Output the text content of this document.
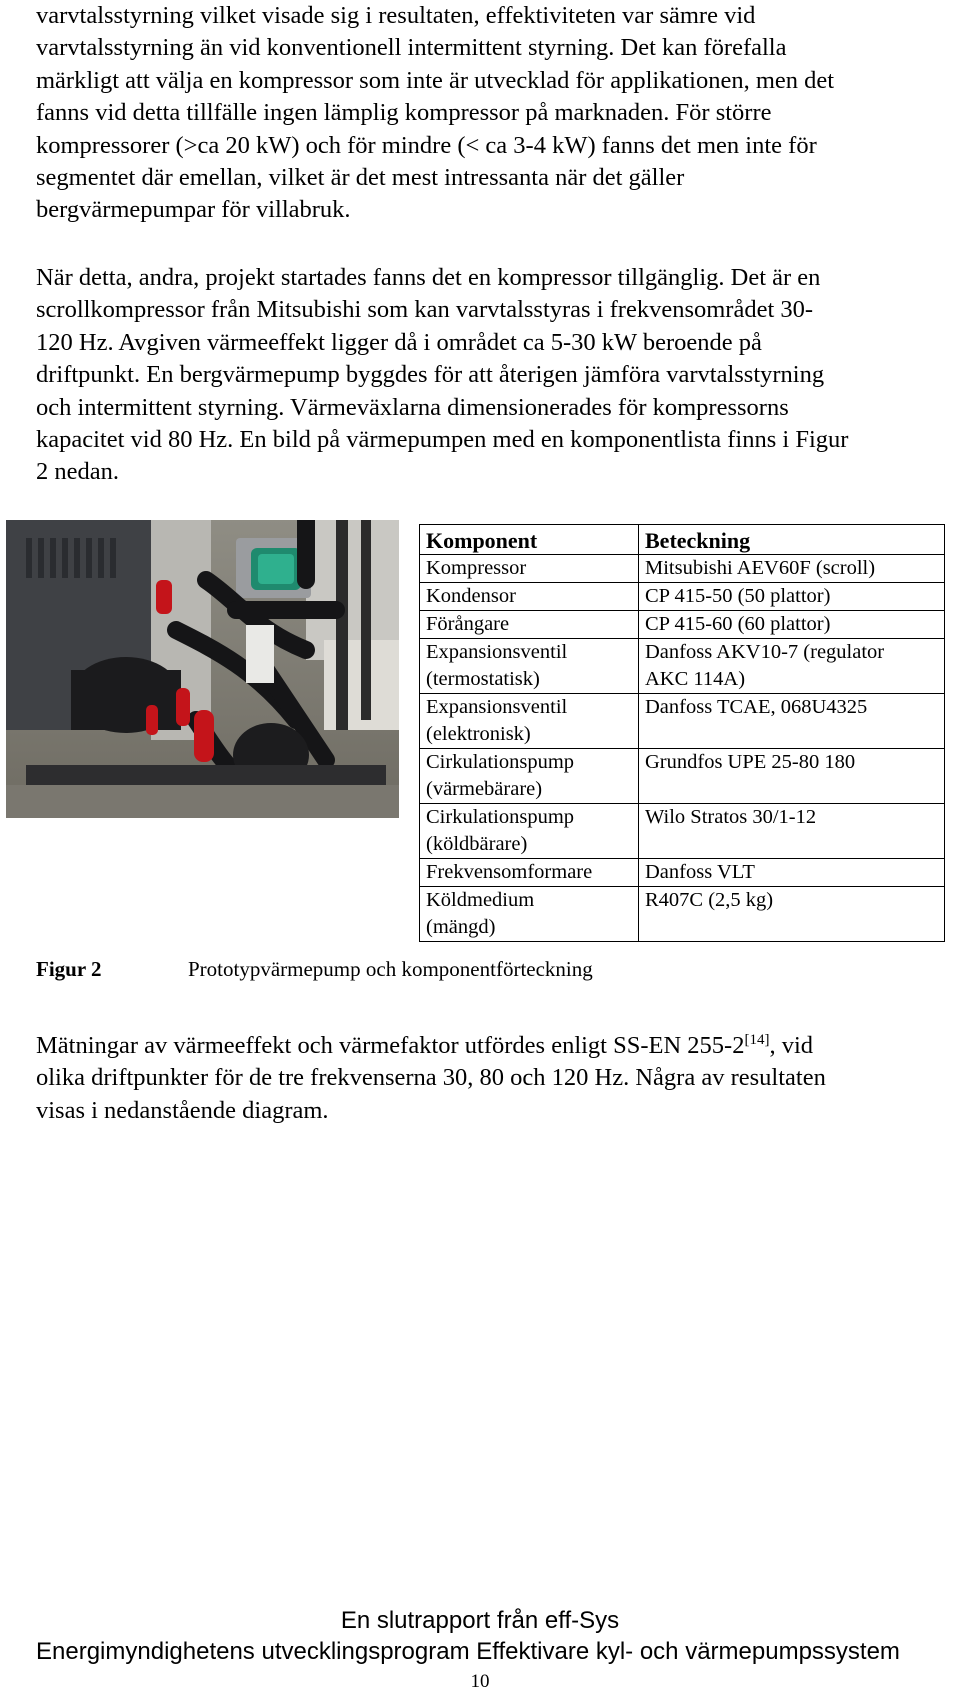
varvtalsstyrning vilket visade sig i resultaten, effektiviteten var sämre vid
varvtalsstyrning än vid konventionell intermittent styrning. Det kan förefalla
märkligt att välja en kompressor som inte är utvecklad för applikationen, men det
fanns vid detta tillfälle ingen lämplig kompressor på marknaden. För större
kompressorer (>ca 20 kW) och för mindre (< ca 3-4 kW) fanns det men inte för
segmentet där emellan, vilket är det mest intressanta när det gäller
bergvärmepumpar för villabruk.
När detta, andra, projekt startades fanns det en kompressor tillgänglig. Det är en
scrollkompressor från Mitsubishi som kan varvtalsstyras i frekvensområdet 30-
120 Hz. Avgiven värmeeffekt ligger då i området ca 5-30 kW beroende på
driftpunkt. En bergvärmepump byggdes för att återigen jämföra varvtalsstyrning
och intermittent styrning. Värmeväxlarna dimensionerades för kompressorns
kapacitet vid 80 Hz. En bild på värmepumpen med en komponentlista finns i Figur
2 nedan.
Komponent	Beteckning
Kompressor	Mitsubishi AEV60F (scroll)
Kondensor	CP 415-50 (50 plattor)
Förångare	CP 415-60 (60 plattor)
Expansionsventil
(termostatisk)	Danfoss AKV10-7 (regulator
AKC 114A)
Expansionsventil
(elektronisk)	Danfoss TCAE, 068U4325
Cirkulationspump
(värmebärare)	Grundfos UPE 25-80 180
Cirkulationspump
(köldbärare)	Wilo Stratos 30/1-12
Frekvensomformare	Danfoss VLT
Köldmedium
(mängd)	R407C (2,5 kg)
Figur 2	Prototypvärmepump och komponentförteckning
Mätningar av värmeeffekt och värmefaktor utfördes enligt SS-EN 255-2[14], vid
olika driftpunkter för de tre frekvenserna 30, 80 och 120 Hz. Några av resultaten
visas i nedanstående diagram.
En slutrapport från eff-Sys
Energimyndighetens utvecklingsprogram Effektivare kyl- och värmepumpssystem
10
